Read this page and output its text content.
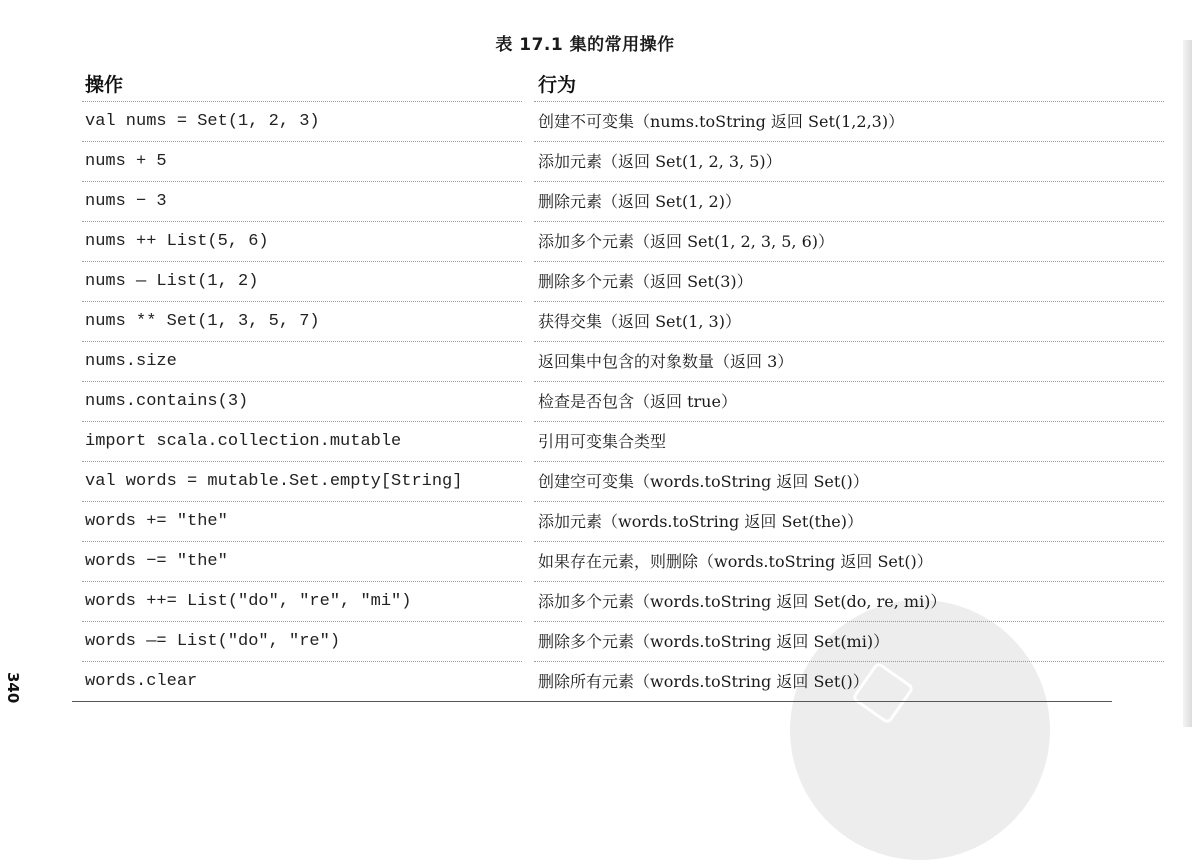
表 17.1 集的常用操作
操作	行为
val nums = Set(1, 2, 3)	创建不可变集（nums.toString 返回 Set(1,2,3)）
nums + 5	添加元素（返回 Set(1, 2, 3, 5)）
nums − 3	删除元素（返回 Set(1, 2)）
nums ++ List(5, 6)	添加多个元素（返回 Set(1, 2, 3, 5, 6)）
nums — List(1, 2)	删除多个元素（返回 Set(3)）
nums ** Set(1, 3, 5, 7)	获得交集（返回 Set(1, 3)）
nums.size	返回集中包含的对象数量（返回 3）
nums.contains(3)	检查是否包含（返回 true）
import scala.collection.mutable	引用可变集合类型
val words = mutable.Set.empty[String]	创建空可变集（words.toString 返回 Set()）
words += "the"	添加元素（words.toString 返回 Set(the)）
words −= "the"	如果存在元素，则删除（words.toString 返回 Set()）
words ++= List("do", "re", "mi")	添加多个元素（words.toString 返回 Set(do, re, mi)）
words —= List("do", "re")	删除多个元素（words.toString 返回 Set(mi)）
words.clear	删除所有元素（words.toString 返回 Set()）
340
